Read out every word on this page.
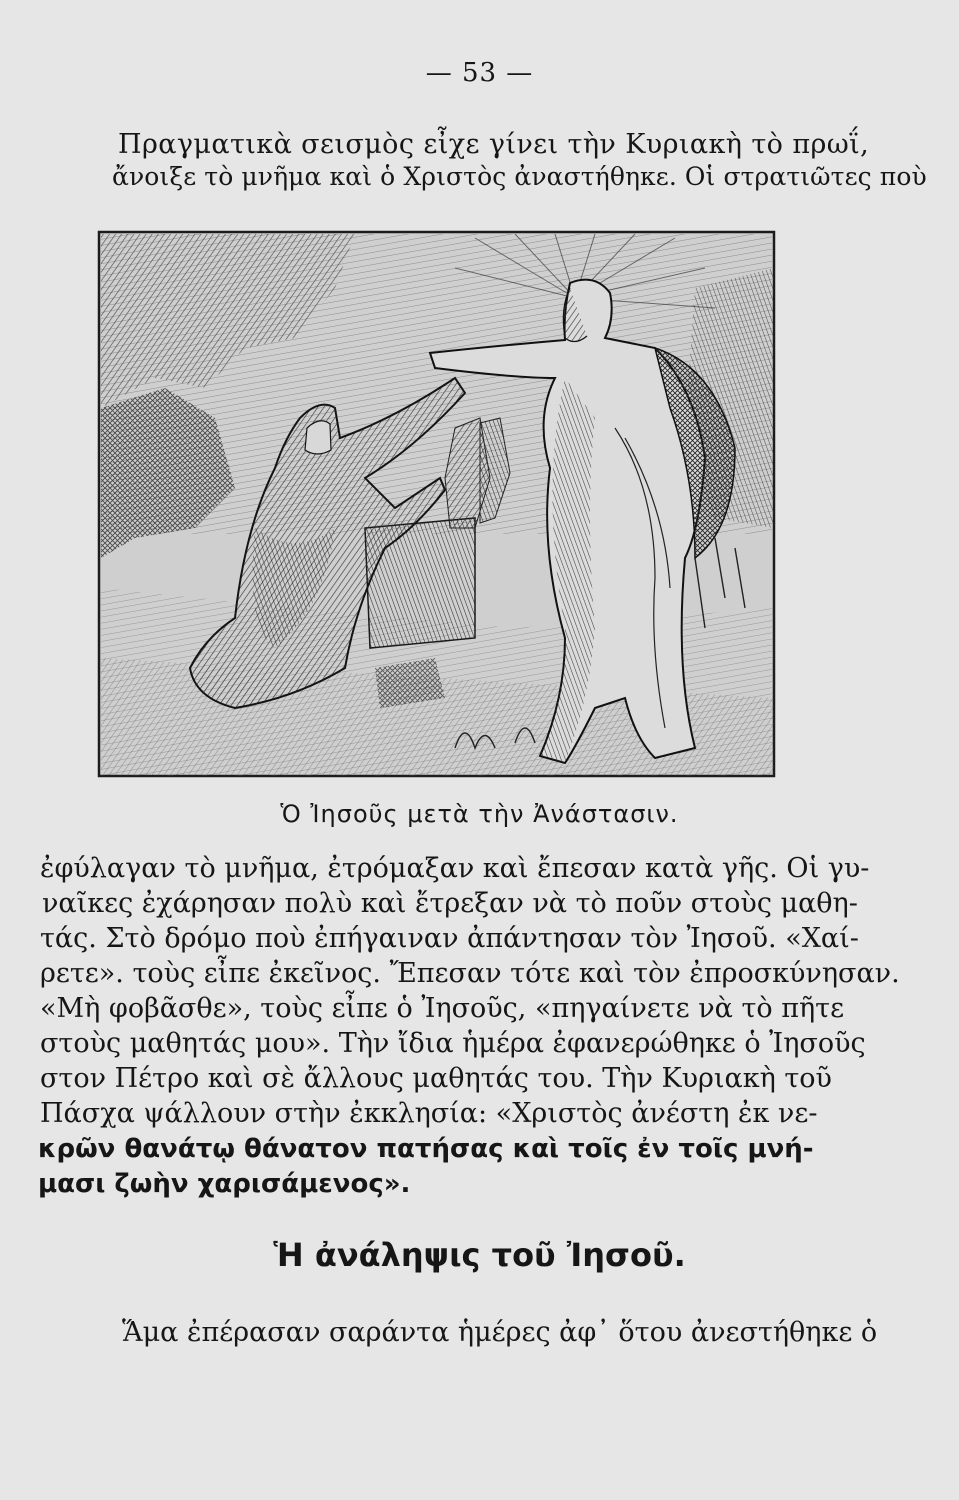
— 53 —
Πραγματικὰ σεισμὸς εἶχε γίνει τὴν Κυριακὴ τὸ πρωΐ,
ἄνοιξε τὸ μνῆμα καὶ ὁ Χριστὸς ἀναστήθηκε. Οἱ στρατιῶτες ποὺ
Ὁ Ἰησοῦς μετὰ τὴν Ἀνάστασιν.
ἐφύλαγαν τὸ μνῆμα, ἐτρόμαξαν καὶ ἔπεσαν κατὰ γῆς. Οἱ γυ-
ναῖκες ἐχάρησαν πολὺ καὶ ἔτρεξαν νὰ τὸ ποῦν στοὺς μαθη-
τάς. Στὸ δρόμο ποὺ ἐπήγαιναν ἀπάντησαν τὸν Ἰησοῦ. «Χαί-
ρετε». τοὺς εἶπε ἐκεῖνος. Ἔπεσαν τότε καὶ τὸν ἐπροσκύνησαν.
«Μὴ φοβᾶσθε», τοὺς εἶπε ὁ Ἰησοῦς, «πηγαίνετε νὰ τὸ πῆτε
στοὺς μαθητάς μου». Τὴν ἴδια ἡμέρα ἐφανερώθηκε ὁ Ἰησοῦς
στον Πέτρο καὶ σὲ ἄλλους μαθητάς του. Τὴν Κυριακὴ τοῦ
Πάσχα ψάλλουν στὴν ἐκκλησία: «Χριστὸς ἀνέστη ἐκ νε-
κρῶν θανάτῳ θάνατον πατήσας καὶ τοῖς ἐν τοῖς μνή-
μασι ζωὴν χαρισάμενος».
Ἡ ἀνάληψις τοῦ Ἰησοῦ.
Ἅμα ἐπέρασαν σαράντα ἡμέρες ἀφ᾽ ὅτου ἀνεστήθηκε ὁ
